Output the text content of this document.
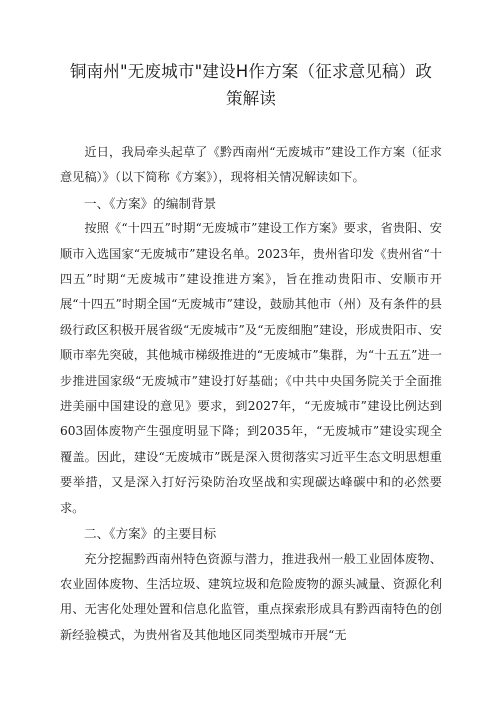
铜南州"无废城市"建设H作方案（征求意见稿）政
策解读

近日，我局牵头起草了《黔西南州“无废城市”建设工作方案（征求意见稿）》（以下简称《方案》），现将相关情况解读如下。

一、《方案》的编制背景

按照《“十四五”时期“无废城市”建设工作方案》要求，省贵阳、安顺市入选国家“无废城市”建设名单。2023年，贵州省印发《贵州省“十四五”时期“无废城市”建设推进方案》，旨在推动贵阳市、安顺市开展“十四五”时期全国“无废城市”建设，鼓励其他市（州）及有条件的县级行政区积极开展省级“无废城市”及“无废细胞”建设，形成贵阳市、安顺市率先突破，其他城市梯级推进的“无废城市”集群，为“十五五”进一步推进国家级“无废城市”建设打好基础；《中共中央国务院关于全面推进美丽中国建设的意见》要求，到2027年，“无废城市”建设比例达到603固体废物产生强度明显下降；到2035年，“无废城市”建设实现全覆盖。因此，建设“无废城市”既是深入贯彻落实习近平生态文明思想重要举措，又是深入打好污染防治攻坚战和实现碳达峰碳中和的必然要求。

二、《方案》的主要目标

充分挖掘黔西南州特色资源与潜力，推进我州一般工业固体废物、农业固体废物、生活垃圾、建筑垃圾和危险废物的源头减量、资源化利用、无害化处理处置和信息化监管，重点探索形成具有黔西南特色的创新经验模式，为贵州省及其他地区同类型城市开展“无
